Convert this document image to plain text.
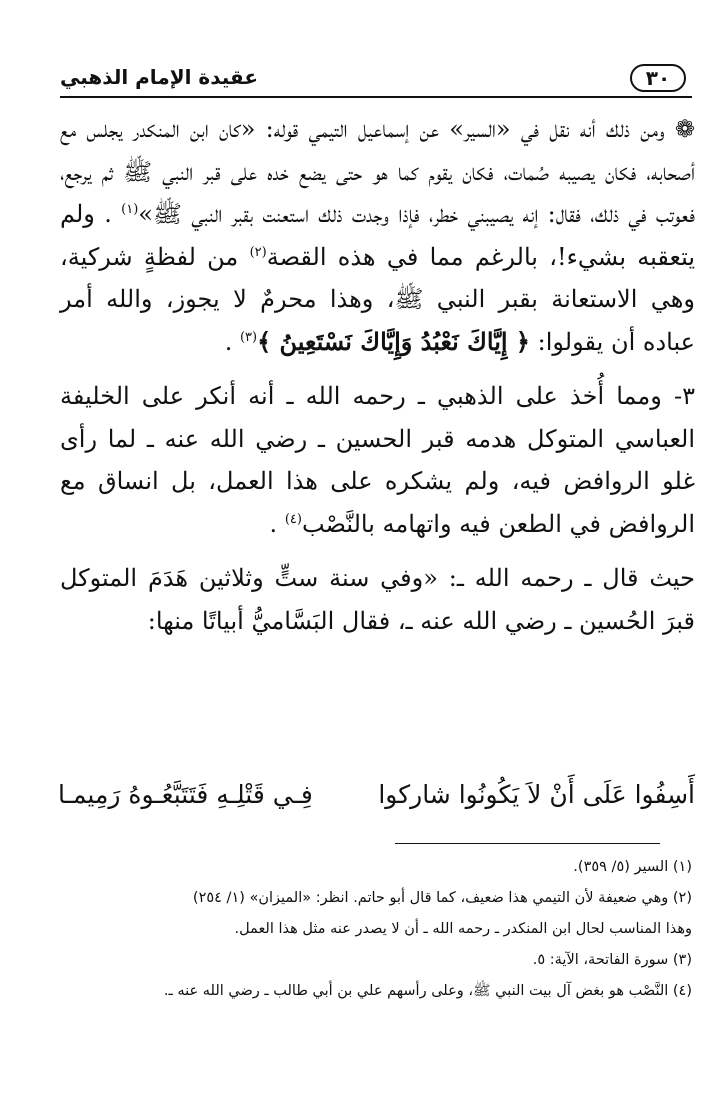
٣٠
عقيدة الإمام الذهبي

❁ ومن ذلك أنه نقل في «السير» عن إسماعيل التيمي قوله: «كان ابن المنكدر يجلس مع أصحابه، فكان يصيبه صُمات، فكان يقوم كما هو حتى يضع خده على قبر النبي ﷺ ثم يرجع، فعوتب في ذلك، فقال: إنه يصيبني خطر، فإذا وجدت ذلك استعنت بقبر النبي ﷺ»$^{(١)}$ . ولم يتعقبه بشيء!، بالرغم مما في هذه القصة$^{(٢)}$ من لفظةٍ شركية، وهي الاستعانة بقبر النبي ﷺ، وهذا محرمٌ لا يجوز، والله أمر عباده أن يقولوا: ﴿ إِيَّاكَ نَعْبُدُ وَإِيَّاكَ نَسْتَعِينُ ﴾$^{(٣)}$ .

٣- ومما أُخذ على الذهبي ـ رحمه الله ـ أنه أنكر على الخليفة العباسي المتوكل هدمه قبر الحسين ـ رضي الله عنه ـ لما رأى غلو الروافض فيه، ولم يشكره على هذا العمل، بل انساق مع الروافض في الطعن فيه واتهامه بالنَّصْب$^{(٤)}$ .

حيث قال ـ رحمه الله ـ: «وفي سنة ستٍّ وثلاثين هَدَمَ المتوكل قبرَ الحُسين ـ رضي الله عنه ـ، فقال البَسَّاميُّ أبياتًا منها:

أَسِفُوا عَلَى أَنْ لاَ يَكُونُوا شاركوا
فِـي قَتْلِـهِ فَتَتَبَّعُـوهُ رَمِيمـا

(١) السير (٥/ ٣٥٩).

(٢) وهي ضعيفة لأن التيمي هذا ضعيف، كما قال أبو حاتم. انظر: «الميزان» (١/ ٢٥٤)

وهذا المناسب لحال ابن المنكدر ـ رحمه الله ـ أن لا يصدر عنه مثل هذا العمل.

(٣) سورة الفاتحة، الآية: ٥.

(٤) النَّصْب هو بغض آل بيت النبي ﷺ، وعلى رأسهم علي بن أبي طالب ـ رضي الله عنه ـ.
